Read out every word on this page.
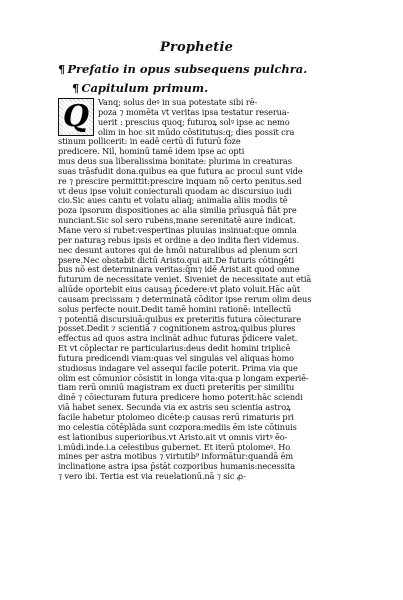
Prophetie
¶ Prefatio in opus subsequens pulchra.
¶ Capitulum primum.
Q	Vanq; solus deꝰ in sua potestate sibi rē-
poza ⁊ momēta vt veritas ipsa testatur reserua-
uerit : prescius quoq; futuroꝝ solꝰ ipse ac nemo
olim in hoc sit mūdo cōstitutus:q; dies possit cra
stinum pollicerit: in eadē certū dī futurū foze
predicere. Nil, hominū tamē idem ipse ac opti
mus deus sua liberalissima bonitate: plurima in creaturas
suas trāsfudit dona.quibus ea que futura ac procul sunt vide
re ⁊ prescire permittit:prescire inquam nō certo penitus.sed
vt deus ipse voluit coniecturali quodam ac discursiuo iudi
cio.Sic aues cantu et volatu aliaq; animalia aliis modis tē
poza ipsorum dispositiones ac alia similia prīusquā fiāt pre
nunciant.Sic sol sero rubens,mane serenitatē aure indicat.
Mane vero si rubet:vespertinas pluuias insinuat:que omnia
per naturaꝫ rebus ipsis et ordine a deo indita fieri videmus.
nec desunt autores qui de hmōi naturalibus ad plenum scri
psere.Nec obstabit dictū Aristo.qui ait.De futuris cōtingēti
bus nō est determinara veritas:q̄m⁊ idē Arist.ait quod omne
futurum de necessitate veniet. Siveniet de necessitate aut etiā
aliūde oportebit eius causaꝫ p̄cedere:vt plato voluit.Hāc aūt
causam precissam ⁊ determinatā cōditor ipse rerum olim deus
solus perfecte nouit.Dedit tamē homini rationē: intellectū
⁊ potentiā discursiuā:quibus ex preteritis futura cōiecturare
posset.Dedit ⁊ scientiā ⁊ cognitionem astroꝝ:quibus plures
effectus ad quos astra inclināt adhuc futuras p̄dicere valet.
Et vt cōplectar re particularius:deus dedit homini triplicē
futura predicendi viam:quas vel singulas vel aliquas homo
studiosus indagare vel assequi facile poterit. Prima via que
olim est cōmunior cōsistit in longa vita:qua p longam experiē-
tiam rerū omniū magistram ex ducti preteritis per similitu
dinē ⁊ cōiecturam futura predicere homo poterit:hāc sciendi
viā habet senex. Secunda via ex astris seu scientia astroꝝ
facile habetur ptolomeo dicēte:p causas rerū rimaturis pri
mo celestia cōtēplāda sunt cozpora:mediis ēm iste cōtinuis
est lationibus superioribus.vt Aristo.ait vt omnis virtꝰ ēo-
i.mūdi.inde.i.a celestibus gubernet. Et iterū ptolomeꝰ. Ho
mines per astra motibus ⁊ virtutib⁹ informātur:quandā ēm
inclinatione astra ipsa p̄stāt cozporibus humanis:necessita
⁊ vero ibi. Tertia est via reuelationū.nā ⁊ sic ꝓ-
